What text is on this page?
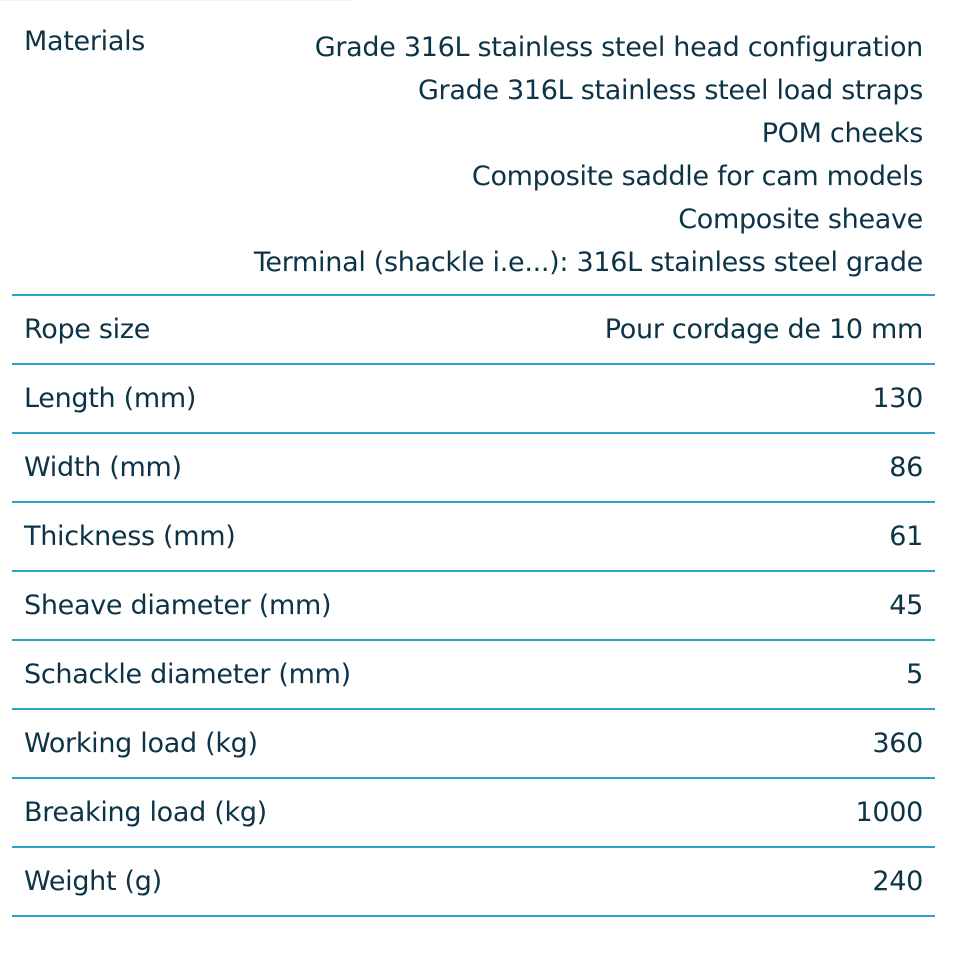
Materials	Grade 316L stainless steel head configuration
Grade 316L stainless steel load straps
POM cheeks
Composite saddle for cam models
Composite sheave
Terminal (shackle i.e...): 316L stainless steel grade
Rope size	Pour cordage de 10 mm
Length (mm)	130
Width (mm)	86
Thickness (mm)	61
Sheave diameter (mm)	45
Schackle diameter (mm)	5
Working load (kg)	360
Breaking load (kg)	1000
Weight (g)	240
